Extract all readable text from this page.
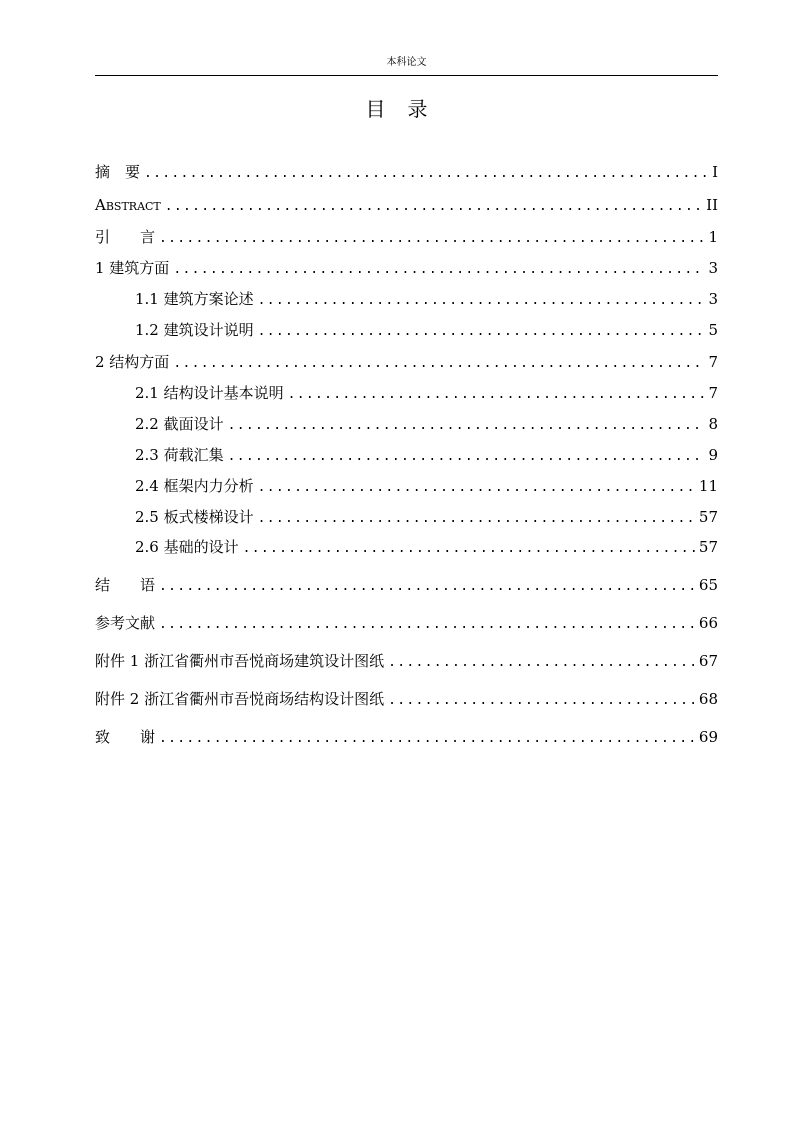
本科论文
目 录
摘　要 .....	I
Abstract .....	II
引　　言 .....	1
1 建筑方面 .....	3
1.1 建筑方案论述 .....	3
1.2 建筑设计说明 .....	5
2 结构方面 .....	7
2.1 结构设计基本说明 .....	7
2.2 截面设计 .....	8
2.3 荷载汇集 .....	9
2.4 框架内力分析 .....	11
2.5 板式楼梯设计 .....	57
2.6 基础的设计 .....	57
结　　语 .....	65
参考文献 .....	66
附件 1 浙江省衢州市吾悦商场建筑设计图纸 .....	67
附件 2 浙江省衢州市吾悦商场结构设计图纸 .....	68
致　　谢 .....	69
